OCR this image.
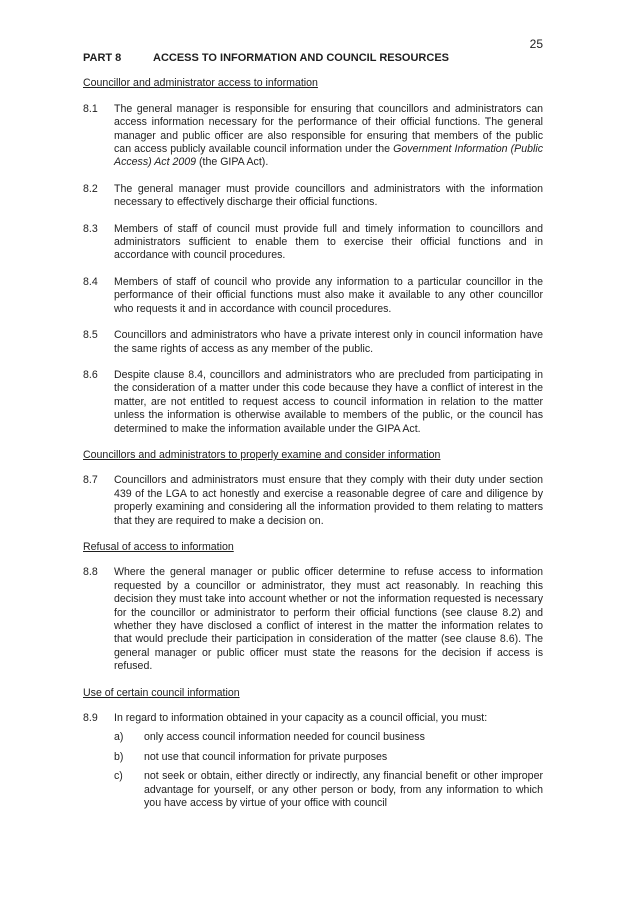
25
PART 8	ACCESS TO INFORMATION AND COUNCIL RESOURCES
Councillor and administrator access to information
8.1	The general manager is responsible for ensuring that councillors and administrators can access information necessary for the performance of their official functions. The general manager and public officer are also responsible for ensuring that members of the public can access publicly available council information under the Government Information (Public Access) Act 2009 (the GIPA Act).
8.2	The general manager must provide councillors and administrators with the information necessary to effectively discharge their official functions.
8.3	Members of staff of council must provide full and timely information to councillors and administrators sufficient to enable them to exercise their official functions and in accordance with council procedures.
8.4	Members of staff of council who provide any information to a particular councillor in the performance of their official functions must also make it available to any other councillor who requests it and in accordance with council procedures.
8.5	Councillors and administrators who have a private interest only in council information have the same rights of access as any member of the public.
8.6	Despite clause 8.4, councillors and administrators who are precluded from participating in the consideration of a matter under this code because they have a conflict of interest in the matter, are not entitled to request access to council information in relation to the matter unless the information is otherwise available to members of the public, or the council has determined to make the information available under the GIPA Act.
Councillors and administrators to properly examine and consider information
8.7	Councillors and administrators must ensure that they comply with their duty under section 439 of the LGA to act honestly and exercise a reasonable degree of care and diligence by properly examining and considering all the information provided to them relating to matters that they are required to make a decision on.
Refusal of access to information
8.8	Where the general manager or public officer determine to refuse access to information requested by a councillor or administrator, they must act reasonably. In reaching this decision they must take into account whether or not the information requested is necessary for the councillor or administrator to perform their official functions (see clause 8.2) and whether they have disclosed a conflict of interest in the matter the information relates to that would preclude their participation in consideration of the matter (see clause 8.6). The general manager or public officer must state the reasons for the decision if access is refused.
Use of certain council information
8.9	In regard to information obtained in your capacity as a council official, you must:
a)	only access council information needed for council business
b)	not use that council information for private purposes
c)	not seek or obtain, either directly or indirectly, any financial benefit or other improper advantage for yourself, or any other person or body, from any information to which you have access by virtue of your office with council
